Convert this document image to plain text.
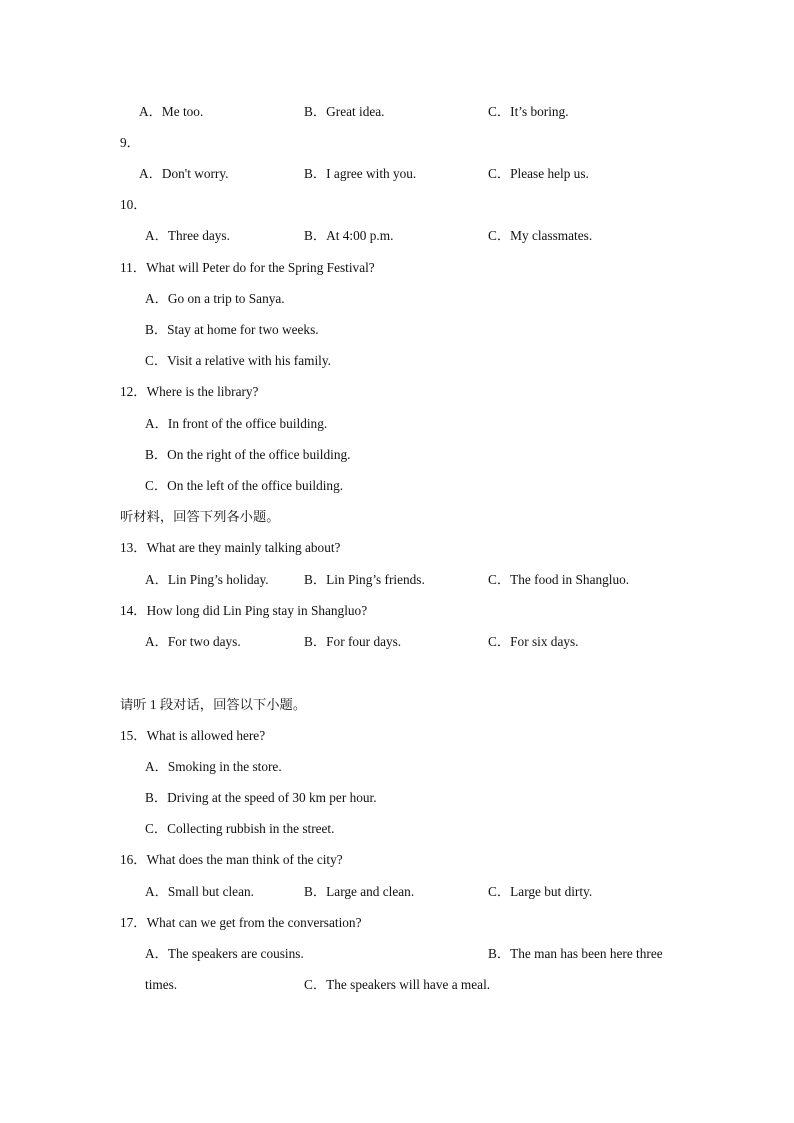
A．Me too.	B．Great idea.	C．It’s boring.
9．
A．Don't worry.	B．I agree with you.	C．Please help us.
10．
A．Three days.	B．At 4:00 p.m.	C．My classmates.
11．What will Peter do for the Spring Festival?
A．Go on a trip to Sanya.
B．Stay at home for two weeks.
C．Visit a relative with his family.
12．Where is the library?
A．In front of the office building.
B．On the right of the office building.
C．On the left of the office building.
听材料，回答下列各小题。
13．What are they mainly talking about?
A．Lin Ping’s holiday.	B．Lin Ping’s friends.	C．The food in Shangluo.
14．How long did Lin Ping stay in Shangluo?
A．For two days.	B．For four days.	C．For six days.
请听 1 段对话，回答以下小题。
15．What is allowed here?
A．Smoking in the store.
B．Driving at the speed of 30 km per hour.
C．Collecting rubbish in the street.
16．What does the man think of the city?
A．Small but clean.	B．Large and clean.	C．Large but dirty.
17．What can we get from the conversation?
A．The speakers are cousins.	B．The man has been here three
times.	C．The speakers will have a meal.
